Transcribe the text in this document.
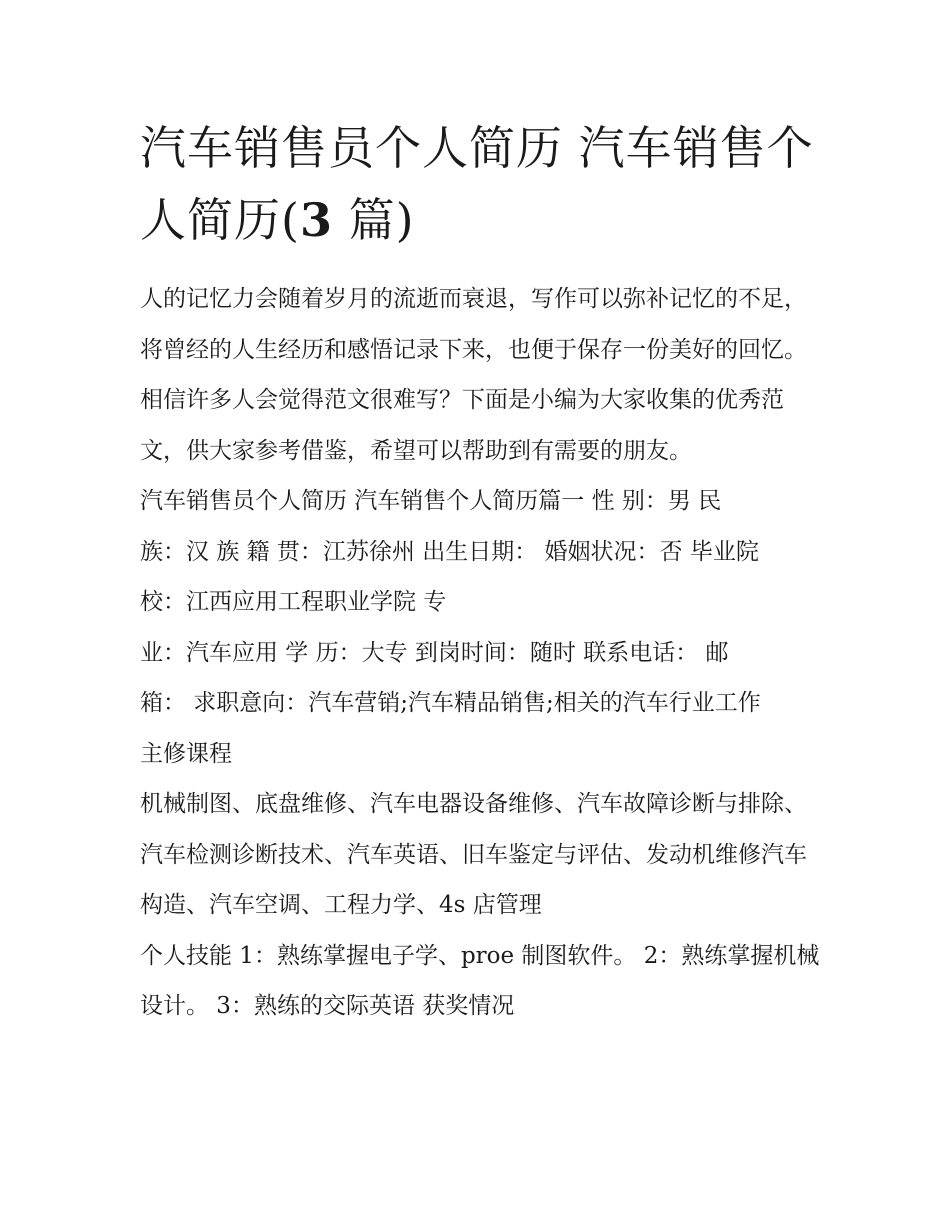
汽车销售员个人简历 汽车销售个人简历(3 篇)

人的记忆力会随着岁月的流逝而衰退，写作可以弥补记忆的不足，将曾经的人生经历和感悟记录下来，也便于保存一份美好的回忆。相信许多人会觉得范文很难写？下面是小编为大家收集的优秀范文，供大家参考借鉴，希望可以帮助到有需要的朋友。

汽车销售员个人简历 汽车销售个人简历篇一 性 别：男 民
族：汉 族 籍 贯：江苏徐州 出生日期： 婚姻状况：否 毕业院
校：江西应用工程职业学院 专
业：汽车应用 学 历：大专 到岗时间：随时 联系电话： 邮
箱： 求职意向：汽车营销;汽车精品销售;相关的汽车行业工作
主修课程

机械制图、底盘维修、汽车电器设备维修、汽车故障诊断与排除、汽车检测诊断技术、汽车英语、旧车鉴定与评估、发动机维修汽车构造、汽车空调、工程力学、4s 店管理

个人技能 1：熟练掌握电子学、proe 制图软件。 2：熟练掌握机械设计。 3：熟练的交际英语 获奖情况
